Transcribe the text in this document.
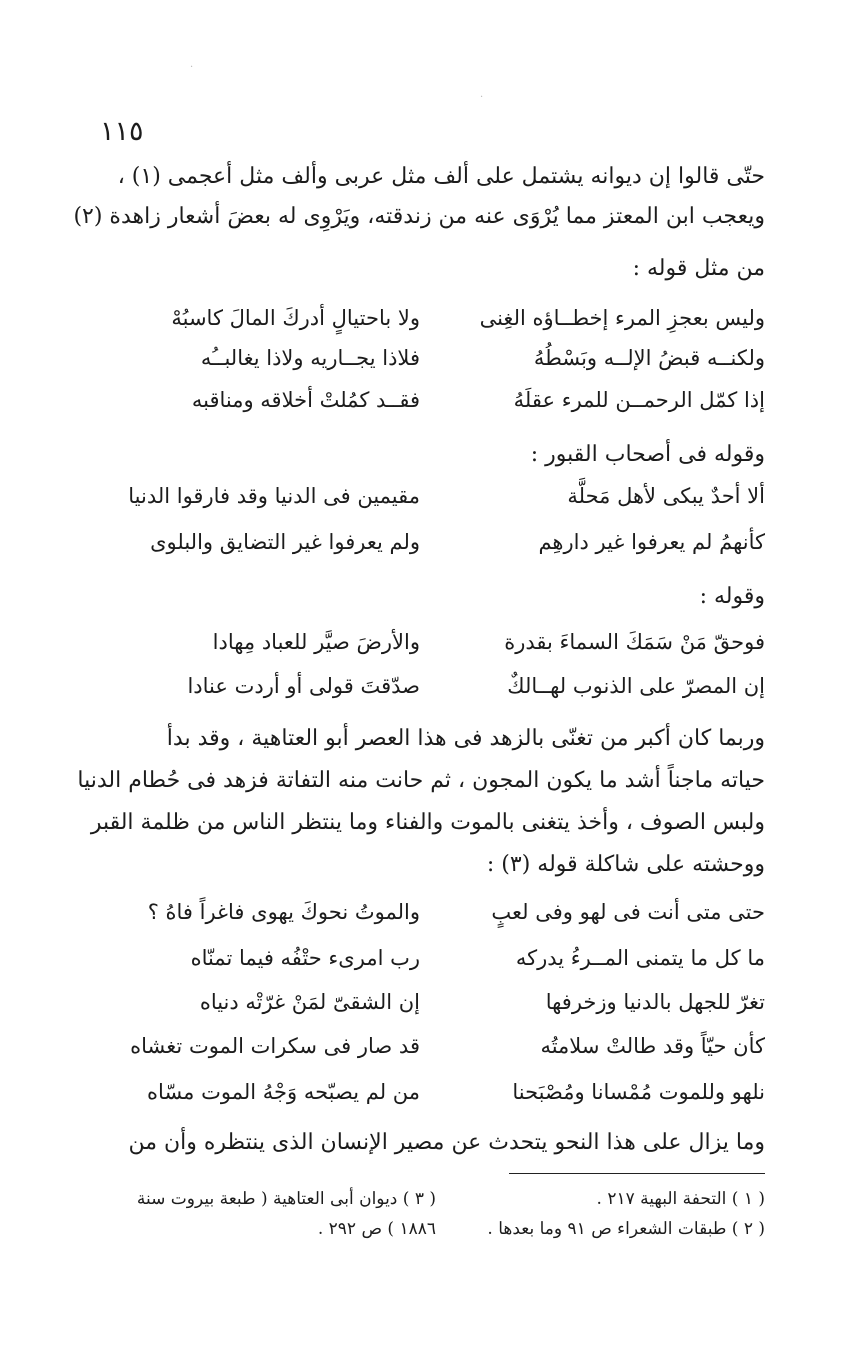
·
·
١١٥
حتّى قالوا إن ديوانه يشتمل على ألف مثل عربى وألف مثل أعجمى (١) ،
ويعجب ابن المعتز مما يُرْوَى عنه من زندقته، ويَرْوِى له بعضَ أشعار زاهدة (٢)
من مثل قوله :
وليس بعجزِ المرء إخطــاؤه الغِنى
ولا باحتيالٍ أدركَ المالَ كاسبُهْ
ولكنــه قبضُ الإلــه وبَسْطُهُ
فلاذا يجــاريه ولاذا يغالبــُه
إذا كمّل الرحمــن للمرء عقلَهُ
فقــد كمُلتْ أخلاقه ومناقبه
وقوله فى أصحاب القبور :
ألا أحدٌ يبكى لأهل مَحلَّة
مقيمين فى الدنيا وقد فارقوا الدنيا
كأنهمُ لم يعرفوا غير دارهِم
ولم يعرفوا غير التضايق والبلوى
وقوله :
فوحقّ مَنْ سَمَكَ السماءَ بقدرة
والأرضَ صيَّر للعباد مِهادا
إن المصرّ على الذنوب لهــالكٌ
صدّقتَ قولى أو أردت عنادا
وربما كان أكبر من تغنّى بالزهد فى هذا العصر أبو العتاهية ، وقد بدأ
حياته ماجناً أشد ما يكون المجون ، ثم حانت منه التفاتة فزهد فى حُطام الدنيا
ولبس الصوف ، وأخذ يتغنى بالموت والفناء وما ينتظر الناس من ظلمة القبر
ووحشته على شاكلة قوله (٣) :
حتى متى أنت فى لهو وفى لعبٍ
والموتُ نحوكَ يهوى فاغراً فاهُ ؟
ما كل ما يتمنى المــرءُ يدركه
رب امرىء حتْفُه فيما تمنّاه
تغرّ للجهل بالدنيا وزخرفها
إن الشقىّ لمَنْ غرّتْه دنياه
كأن حيّاً وقد طالتْ سلامتُه
قد صار فى سكرات الموت تغشاه
نلهو وللموت مُمْسانا ومُصْبَحنا
من لم يصبّحه وَجْهُ الموت مسّاه
وما يزال على هذا النحو يتحدث عن مصير الإنسان الذى ينتظره وأن من
( ١ ) التحفة البهية ٢١٧ .
( ٢ ) طبقات الشعراء ص ٩١ وما بعدها .
( ٣ ) ديوان أبى العتاهية ( طبعة بيروت سنة
١٨٨٦ ) ص ٢٩٢ .
